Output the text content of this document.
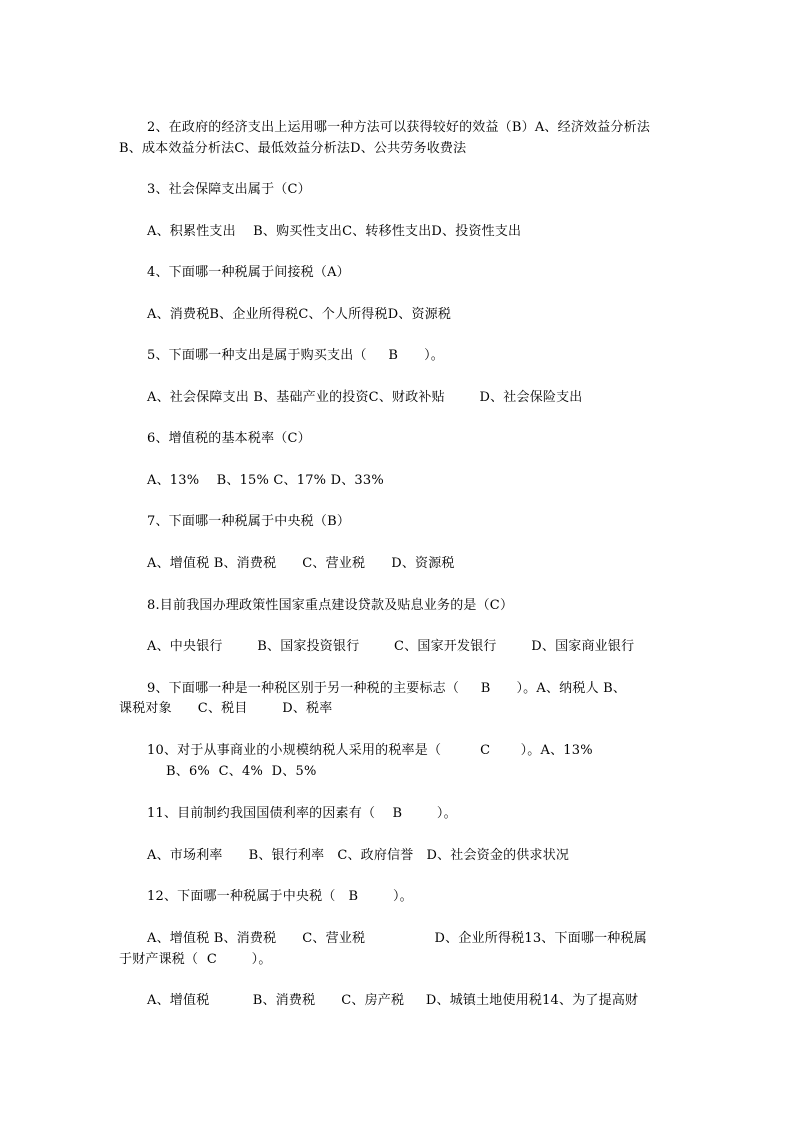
2、在政府的经济支出上运用哪一种方法可以获得较好的效益（B）A、经济效益分析法
B、成本效益分析法C、最低效益分析法D、公共劳务收费法
3、社会保障支出属于（C）
A、积累性支出    B、购买性支出C、转移性支出D、投资性支出
4、下面哪一种税属于间接税（A）
A、消费税B、企业所得税C、个人所得税D、资源税
5、下面哪一种支出是属于购买支出（     B      ）。
A、社会保障支出 B、基础产业的投资C、财政补贴        D、社会保险支出
6、增值税的基本税率（C）
A、13%    B、15% C、17% D、33%
7、下面哪一种税属于中央税（B）
A、增值税 B、消费税      C、营业税      D、资源税
8.目前我国办理政策性国家重点建设贷款及贴息业务的是（C）
A、中央银行        B、国家投资银行        C、国家开发银行        D、国家商业银行
9、下面哪一种是一种税区别于另一种税的主要标志（     B      ）。A、纳税人 B、
课税对象      C、税目        D、税率
10、对于从事商业的小规模纳税人采用的税率是（         C       ）。A、13%
B、6%  C、4%  D、5%
11、目前制约我国国债利率的因素有（    B        ）。
A、市场利率      B、银行利率   C、政府信誉   D、社会资金的供求状况
12、下面哪一种税属于中央税（   B        ）。
A、增值税 B、消费税      C、营业税                D、企业所得税13、下面哪一种税属
于财产课税（  C        ）。
A、增值税          B、消费税      C、房产税     D、城镇土地使用税14、为了提高财
